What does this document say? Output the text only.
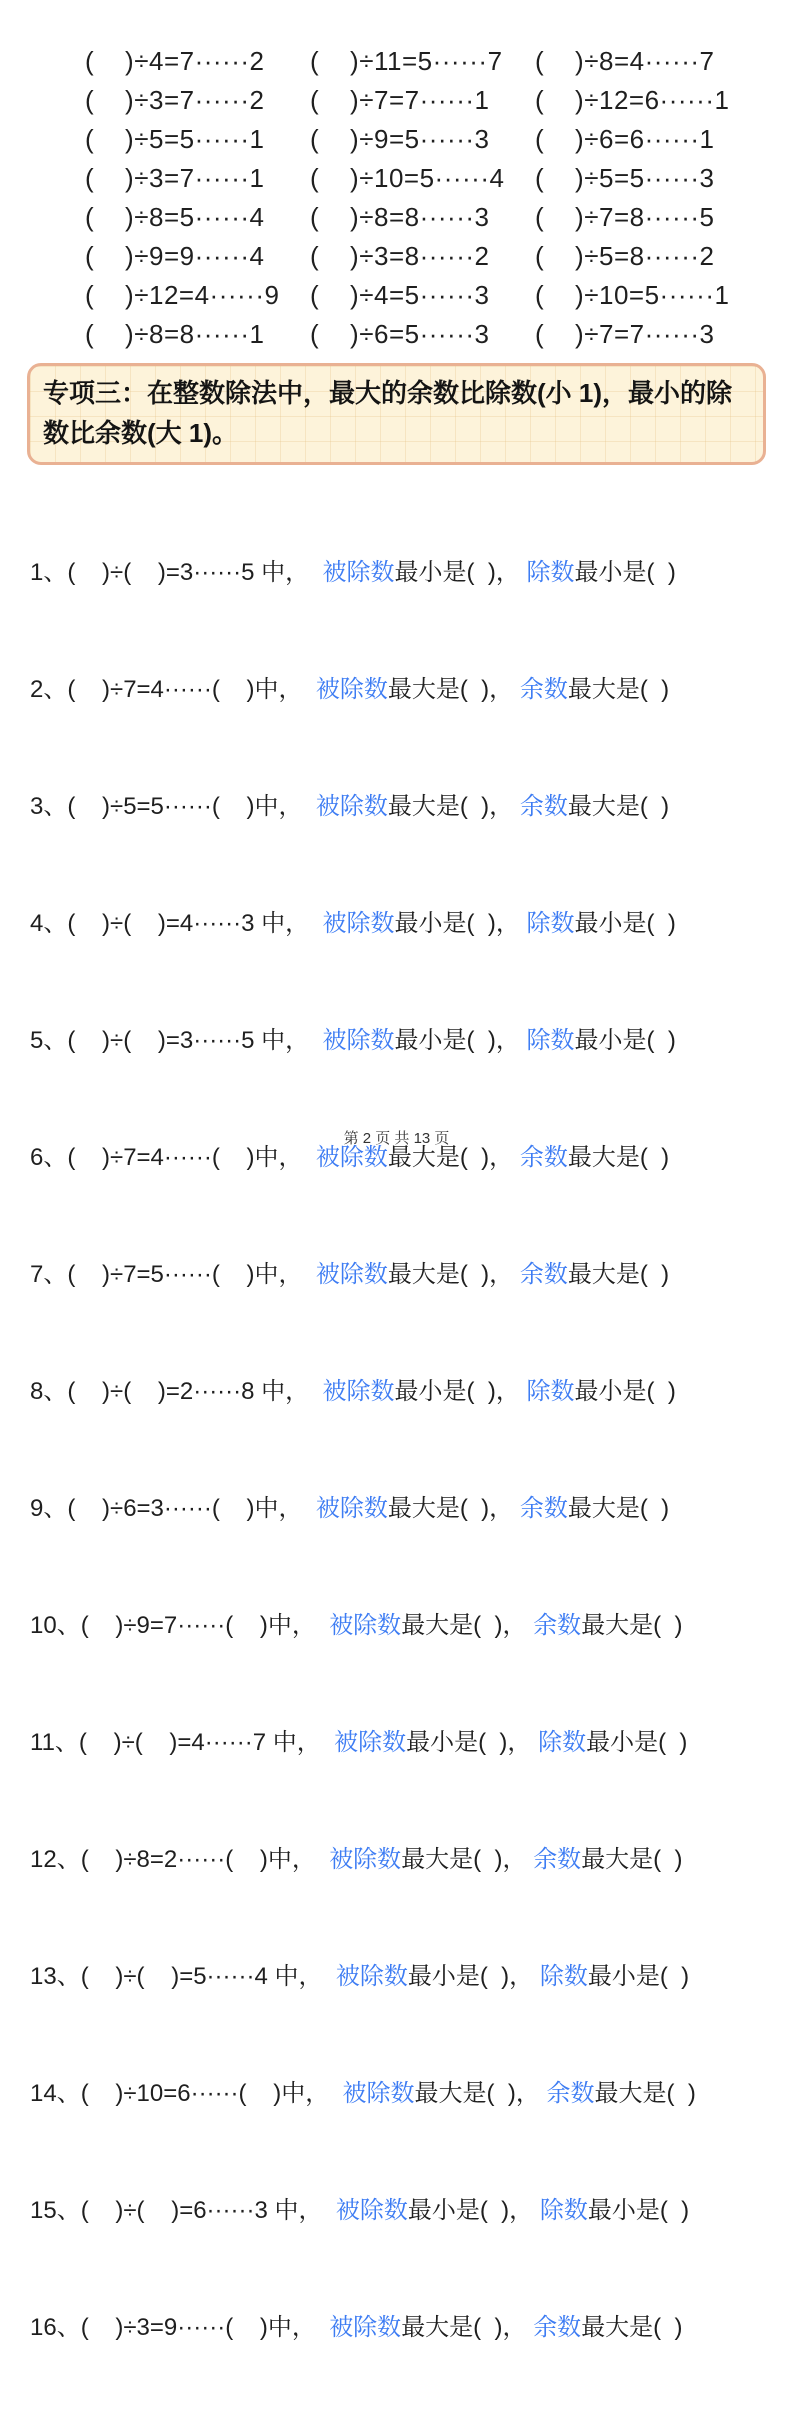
(    )÷4=7······2	(    )÷11=5······7	(    )÷8=4······7
(    )÷3=7······2	(    )÷7=7······1	(    )÷12=6······1
(    )÷5=5······1	(    )÷9=5······3	(    )÷6=6······1
(    )÷3=7······1	(    )÷10=5······4	(    )÷5=5······3
(    )÷8=5······4	(    )÷8=8······3	(    )÷7=8······5
(    )÷9=9······4	(    )÷3=8······2	(    )÷5=8······2
(    )÷12=4······9	(    )÷4=5······3	(    )÷10=5······1
(    )÷8=8······1	(    )÷6=5······3	(    )÷7=7······3
专项三：在整数除法中，最大的余数比除数(小 1)，最小的除数比余数(大 1)。

1、(    )÷(    )=3······5 中，  被除数最小是(  )， 除数最小是(  )

2、(    )÷7=4······(    )中，  被除数最大是(  )， 余数最大是(  )

3、(    )÷5=5······(    )中，  被除数最大是(  )， 余数最大是(  )

4、(    )÷(    )=4······3 中，  被除数最小是(  )， 除数最小是(  )

5、(    )÷(    )=3······5 中，  被除数最小是(  )， 除数最小是(  )

6、(    )÷7=4······(    )中，  被除数最大是(  )， 余数最大是(  )

7、(    )÷7=5······(    )中，  被除数最大是(  )， 余数最大是(  )

8、(    )÷(    )=2······8 中，  被除数最小是(  )， 除数最小是(  )

9、(    )÷6=3······(    )中，  被除数最大是(  )， 余数最大是(  )

10、(    )÷9=7······(    )中，  被除数最大是(  )， 余数最大是(  )

11、(    )÷(    )=4······7 中，  被除数最小是(  )， 除数最小是(  )

12、(    )÷8=2······(    )中，  被除数最大是(  )， 余数最大是(  )

13、(    )÷(    )=5······4 中，  被除数最小是(  )， 除数最小是(  )

14、(    )÷10=6······(    )中，  被除数最大是(  )， 余数最大是(  )

15、(    )÷(    )=6······3 中，  被除数最小是(  )， 除数最小是(  )

16、(    )÷3=9······(    )中，  被除数最大是(  )， 余数最大是(  )

第 2 页 共 13 页
